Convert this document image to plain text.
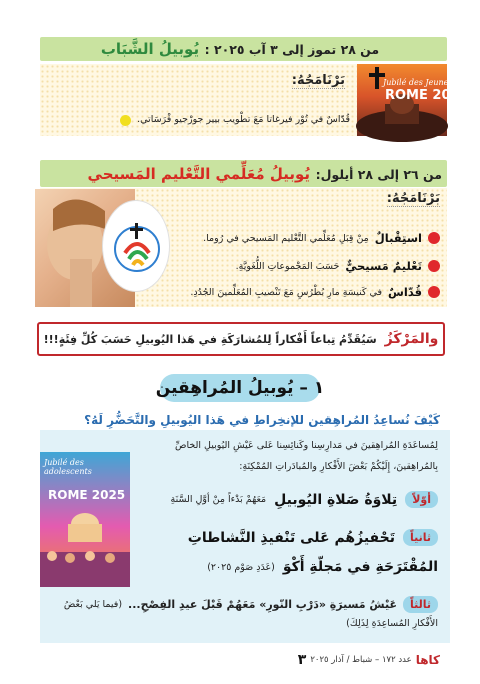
من ٢٨ تموز إلى ٣ آب ٢٠٢٥ : يُوبيلُ الشَّبَاب
Jubilé des Jeunes
ROME 2025
بَرْنَامَجُهُ:
قُدّاسٌ في تُوْر فيرغاتا مَعَ تطْويب بيير جورْجيو فْرَسَاتي.
من ٢٦ إلى ٢٨ أيلول: يُوبيلُ مُعَلِّمي التَّعْليم المَسيحي
بَرْنَامَجُهُ:
استِقْبالٌ
مِنْ قِبَلِ مُعَلِّمي التَّعْليم المَسيحي في رُوما.
تَعْليمٌ مَسيحيٌّ
حَسَبَ المَجْموعاتِ اللُّغَويَّةِ.
قُدّاسٌ
في كَنيسَةِ مارِ بُطْرُسِ مَعَ تَنْصيبِ المُعَلِّمينَ الجُدُدِ.
والمَرْكَزُ
سَيُقَدِّمُ تِباعاً أَفْكاراً لِلمُشارَكَةِ في هَذا اليُوبيلِ حَسَبَ كُلِّ فِئَةٍ!!!
١ – يُوبيلُ المُراهِقين
كَيْفَ نُساعِدُ المُراهِقين للإنخِراطِ في هَذا اليُوبيلِ والتَّحَضُّرِ لَهُ؟
لِمُساعَدَةِ المُراهِقينَ في مَدارِسِنا وكَنائِسِنا عَلى عَيْشِ اليُوبيلِ الخاصِّ
بِالمُراهِقينَ، إِلَيْكُمْ بَعْضَ الأَفْكارِ والمُبادَراتِ المُمْكِنَةِ:
Jubilé des adolescents
ROME 2025	أوّلاً
تِلاوَةُ صَلاةِ اليُوبيلِ
مَعَهُمْ بَدْءاً مِنْ أوَّلِ السَّنَةِ
ثانياً
تَحْفيزُهُم عَلى تَنْفيذِ النَّشاطاتِ
المُقْتَرَحَةِ في مَجلّةِ أَكْوَ
(عَدَدِ صَوْم ٢٠٢٥)
ثالثاً
عَيْشُ مَسيرَةِ «دَرْبِ النّورِ» مَعَهُمْ قَبْلَ عيدِ الفِصْحِ...
(فيما يَلي بَعْضُ
الأَفْكارِ المُساعِدَةِ لِذَلِكَ)
كاها
عدد ١٧٢ – شباط / آذار ٢٠٢٥
٣
